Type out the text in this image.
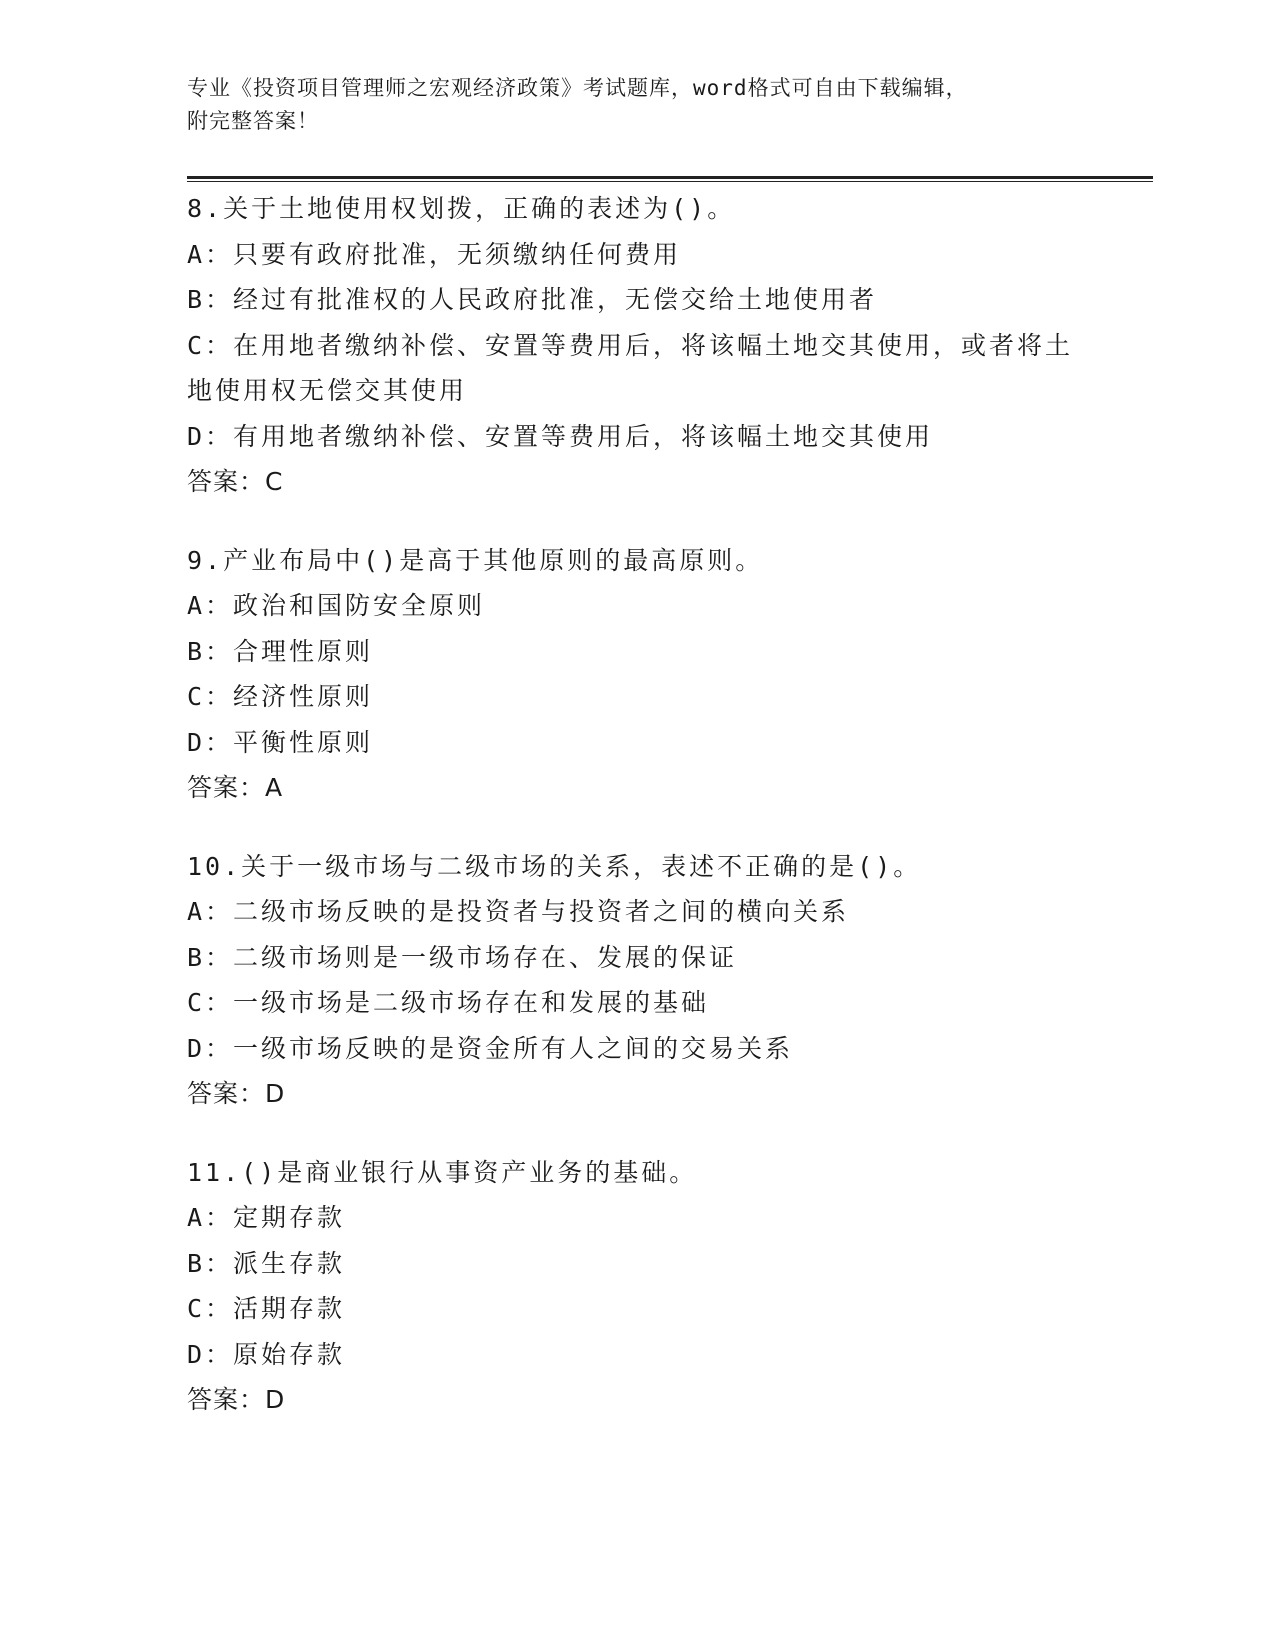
专业《投资项目管理师之宏观经济政策》考试题库，word格式可自由下载编辑，
附完整答案！
8.关于土地使用权划拨，正确的表述为()。
A：只要有政府批准，无须缴纳任何费用
B：经过有批准权的人民政府批准，无偿交给土地使用者
C：在用地者缴纳补偿、安置等费用后，将该幅土地交其使用，或者将土地使用权无偿交其使用
D：有用地者缴纳补偿、安置等费用后，将该幅土地交其使用
答案：C
9.产业布局中()是高于其他原则的最高原则。
A：政治和国防安全原则
B：合理性原则
C：经济性原则
D：平衡性原则
答案：A
10.关于一级市场与二级市场的关系，表述不正确的是()。
A：二级市场反映的是投资者与投资者之间的横向关系
B：二级市场则是一级市场存在、发展的保证
C：一级市场是二级市场存在和发展的基础
D：一级市场反映的是资金所有人之间的交易关系
答案：D
11.()是商业银行从事资产业务的基础。
A：定期存款
B：派生存款
C：活期存款
D：原始存款
答案：D
